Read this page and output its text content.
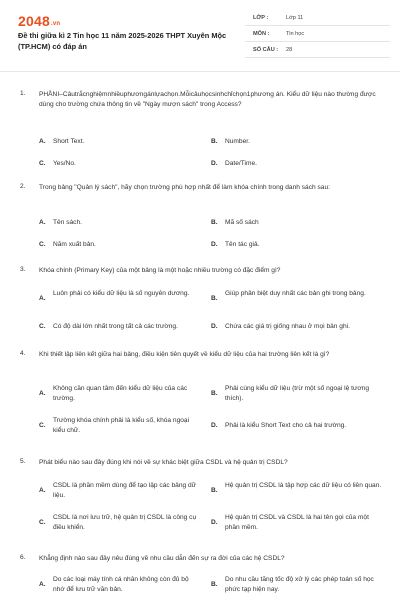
2048.vn
Đề thi giữa kì 2 Tin học 11 năm 2025-2026 THPT Xuyên Mộc (TP.HCM) có đáp án
LỚP :	Lớp 11
MÔN :	Tin học
SỐ CÂU : 28
1. PHẦNI–Câutrắcnghiệmnhiềuphươngánlựachọn.Mỗicâuhọcsinhchỉchọn1phương án. Kiểu dữ liệu nào thường được dùng cho trường chứa thông tin về "Ngày mượn sách" trong Access?
A. Short Text.	B. Number.
C. Yes/No.	D. Date/Time.
2. Trong bảng "Quản lý sách", hãy chọn trường phù hợp nhất để làm khóa chính trong danh sách sau:
A. Tên sách.	B. Mã số sách
C. Năm xuất bản.	D. Tên tác giả.
3. Khóa chính (Primary Key) của một bảng là một hoặc nhiều trường có đặc điểm gì?
A.
Luôn phải có kiểu dữ liệu là số nguyên dương.
B.
Giúp phân biệt duy nhất các bản ghi trong bảng.
C. Có độ dài lớn nhất trong tất cả các trường.	D. Chứa các giá trị giống nhau ở mọi bản ghi.
4. Khi thiết lập liên kết giữa hai bảng, điều kiện tiên quyết về kiểu dữ liệu của hai trường liên kết là gì?
A.
Không cần quan tâm đến kiểu dữ liệu của các trường.
B.
Phải cùng kiểu dữ liệu (trừ một số ngoại lệ tương thích).
C.
Trường khóa chính phải là kiểu số, khóa ngoại kiểu chữ.
D. Phải là kiểu Short Text cho cả hai trường.
5. Phát biểu nào sau đây đúng khi nói về sự khác biệt giữa CSDL và hệ quản trị CSDL?
A.
CSDL là phần mềm dùng để tạo lập các bảng dữ liệu.
B.
Hệ quản trị CSDL là tập hợp các dữ liệu có liên quan.
C.
CSDL là nơi lưu trữ, hệ quản trị CSDL là công cụ điều khiển.
D.
Hệ quản trị CSDL và CSDL là hai tên gọi của một phần mềm.
6. Khẳng định nào sau đây nêu đúng về nhu cầu dẫn đến sự ra đời của các hệ CSDL?
A.
Do các loại máy tính cá nhân không còn đủ bộ nhớ để lưu trữ văn bản.
B.
Do nhu cầu tăng tốc độ xử lý các phép toán số học phức tạp hiện nay.
